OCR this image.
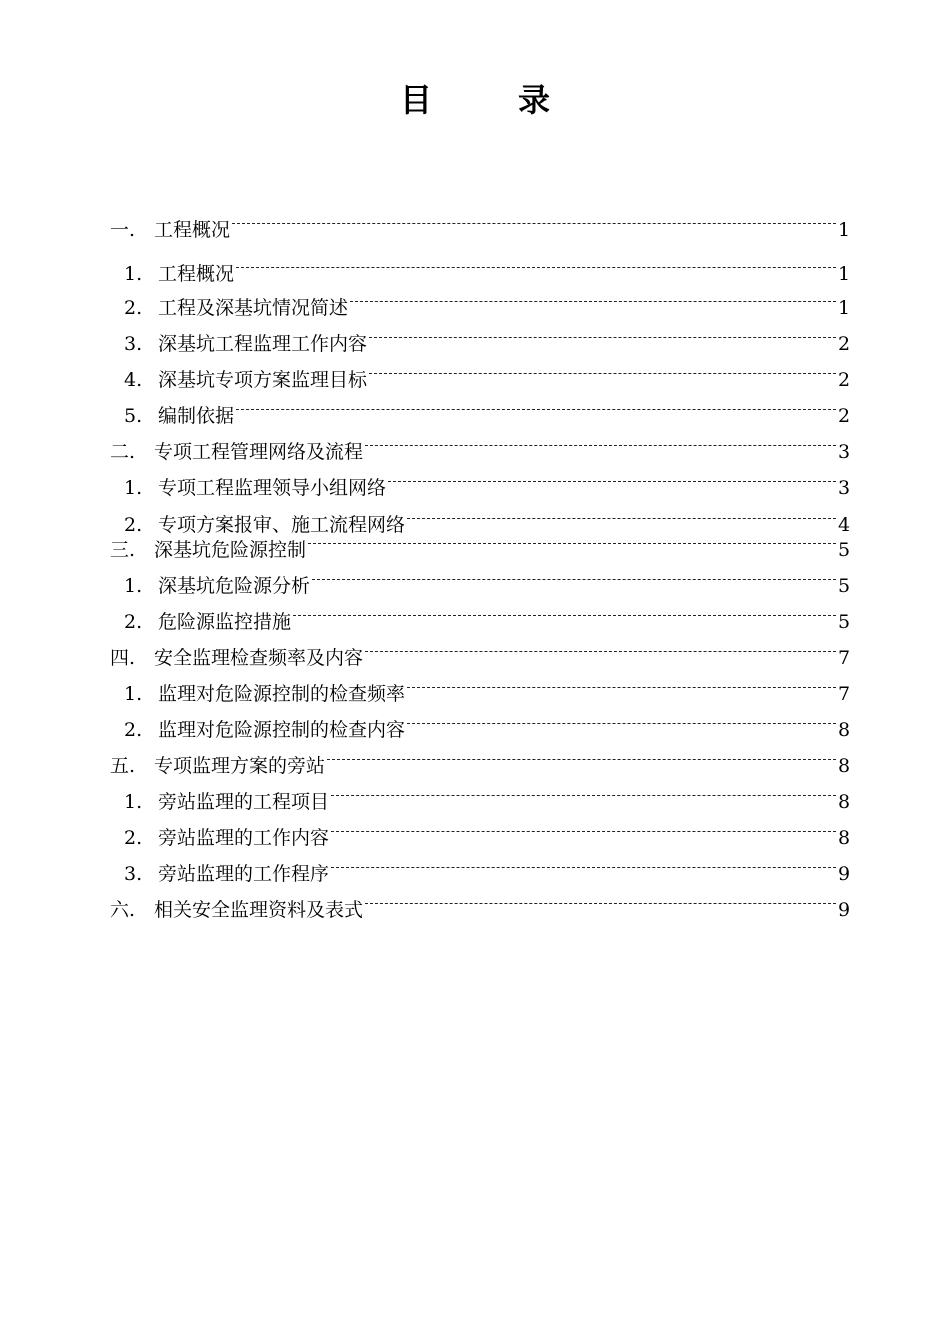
目	录
一. 工程概况	1
1. 工程概况	1
2. 工程及深基坑情况简述	1
3. 深基坑工程监理工作内容	2
4. 深基坑专项方案监理目标	2
5. 编制依据	2
二. 专项工程管理网络及流程	3
1. 专项工程监理领导小组网络	3
2. 专项方案报审、施工流程网络	4
三. 深基坑危险源控制	5
1. 深基坑危险源分析	5
2. 危险源监控措施	5
四. 安全监理检查频率及内容	7
1. 监理对危险源控制的检查频率	7
2. 监理对危险源控制的检查内容	8
五. 专项监理方案的旁站	8
1. 旁站监理的工程项目	8
2. 旁站监理的工作内容	8
3. 旁站监理的工作程序	9
六. 相关安全监理资料及表式	9
